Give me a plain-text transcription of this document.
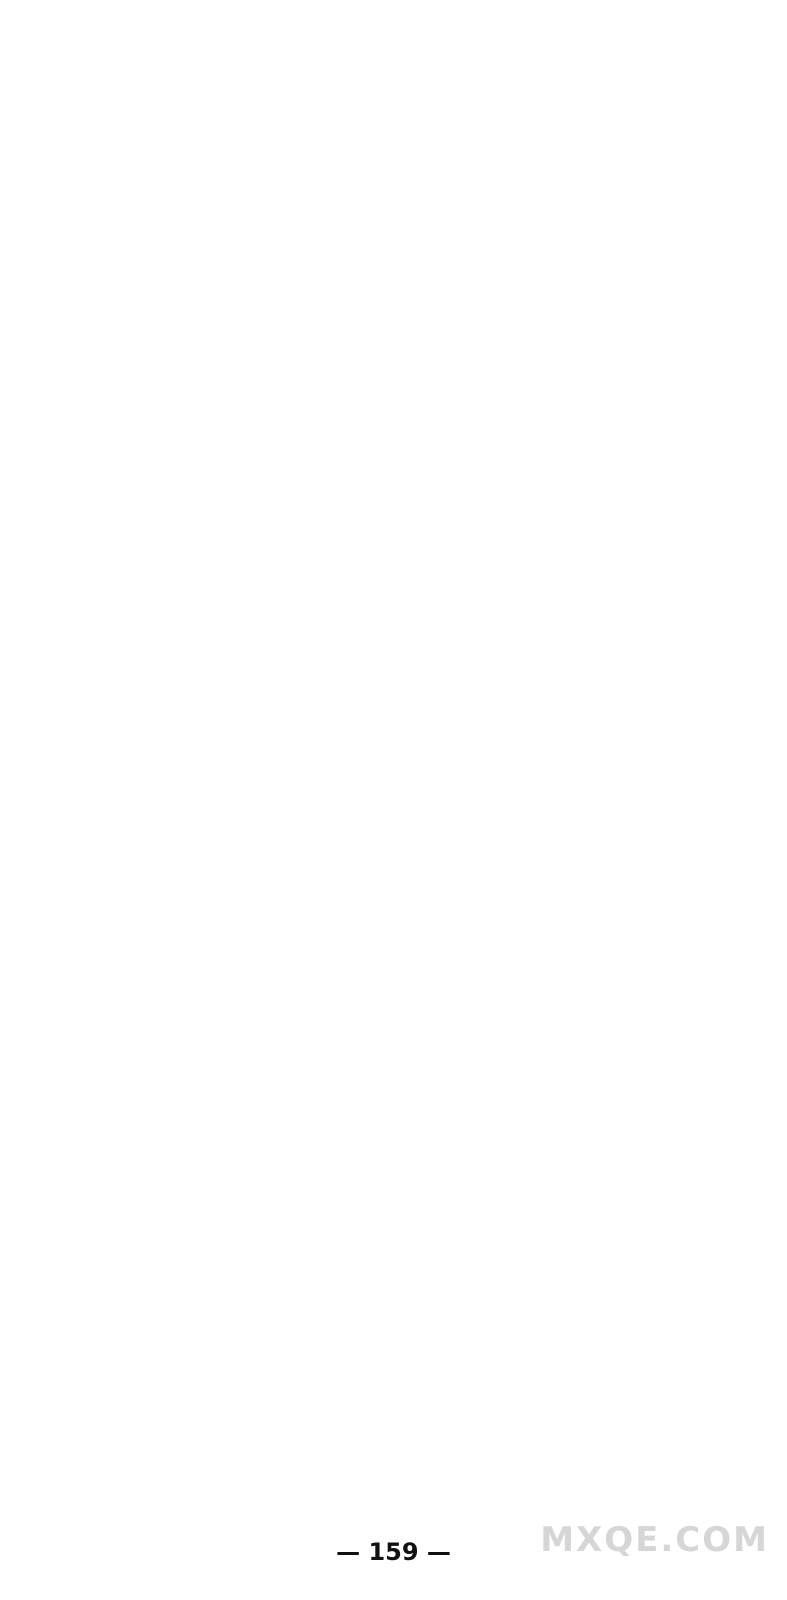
— 159 —	MXQE.COM
